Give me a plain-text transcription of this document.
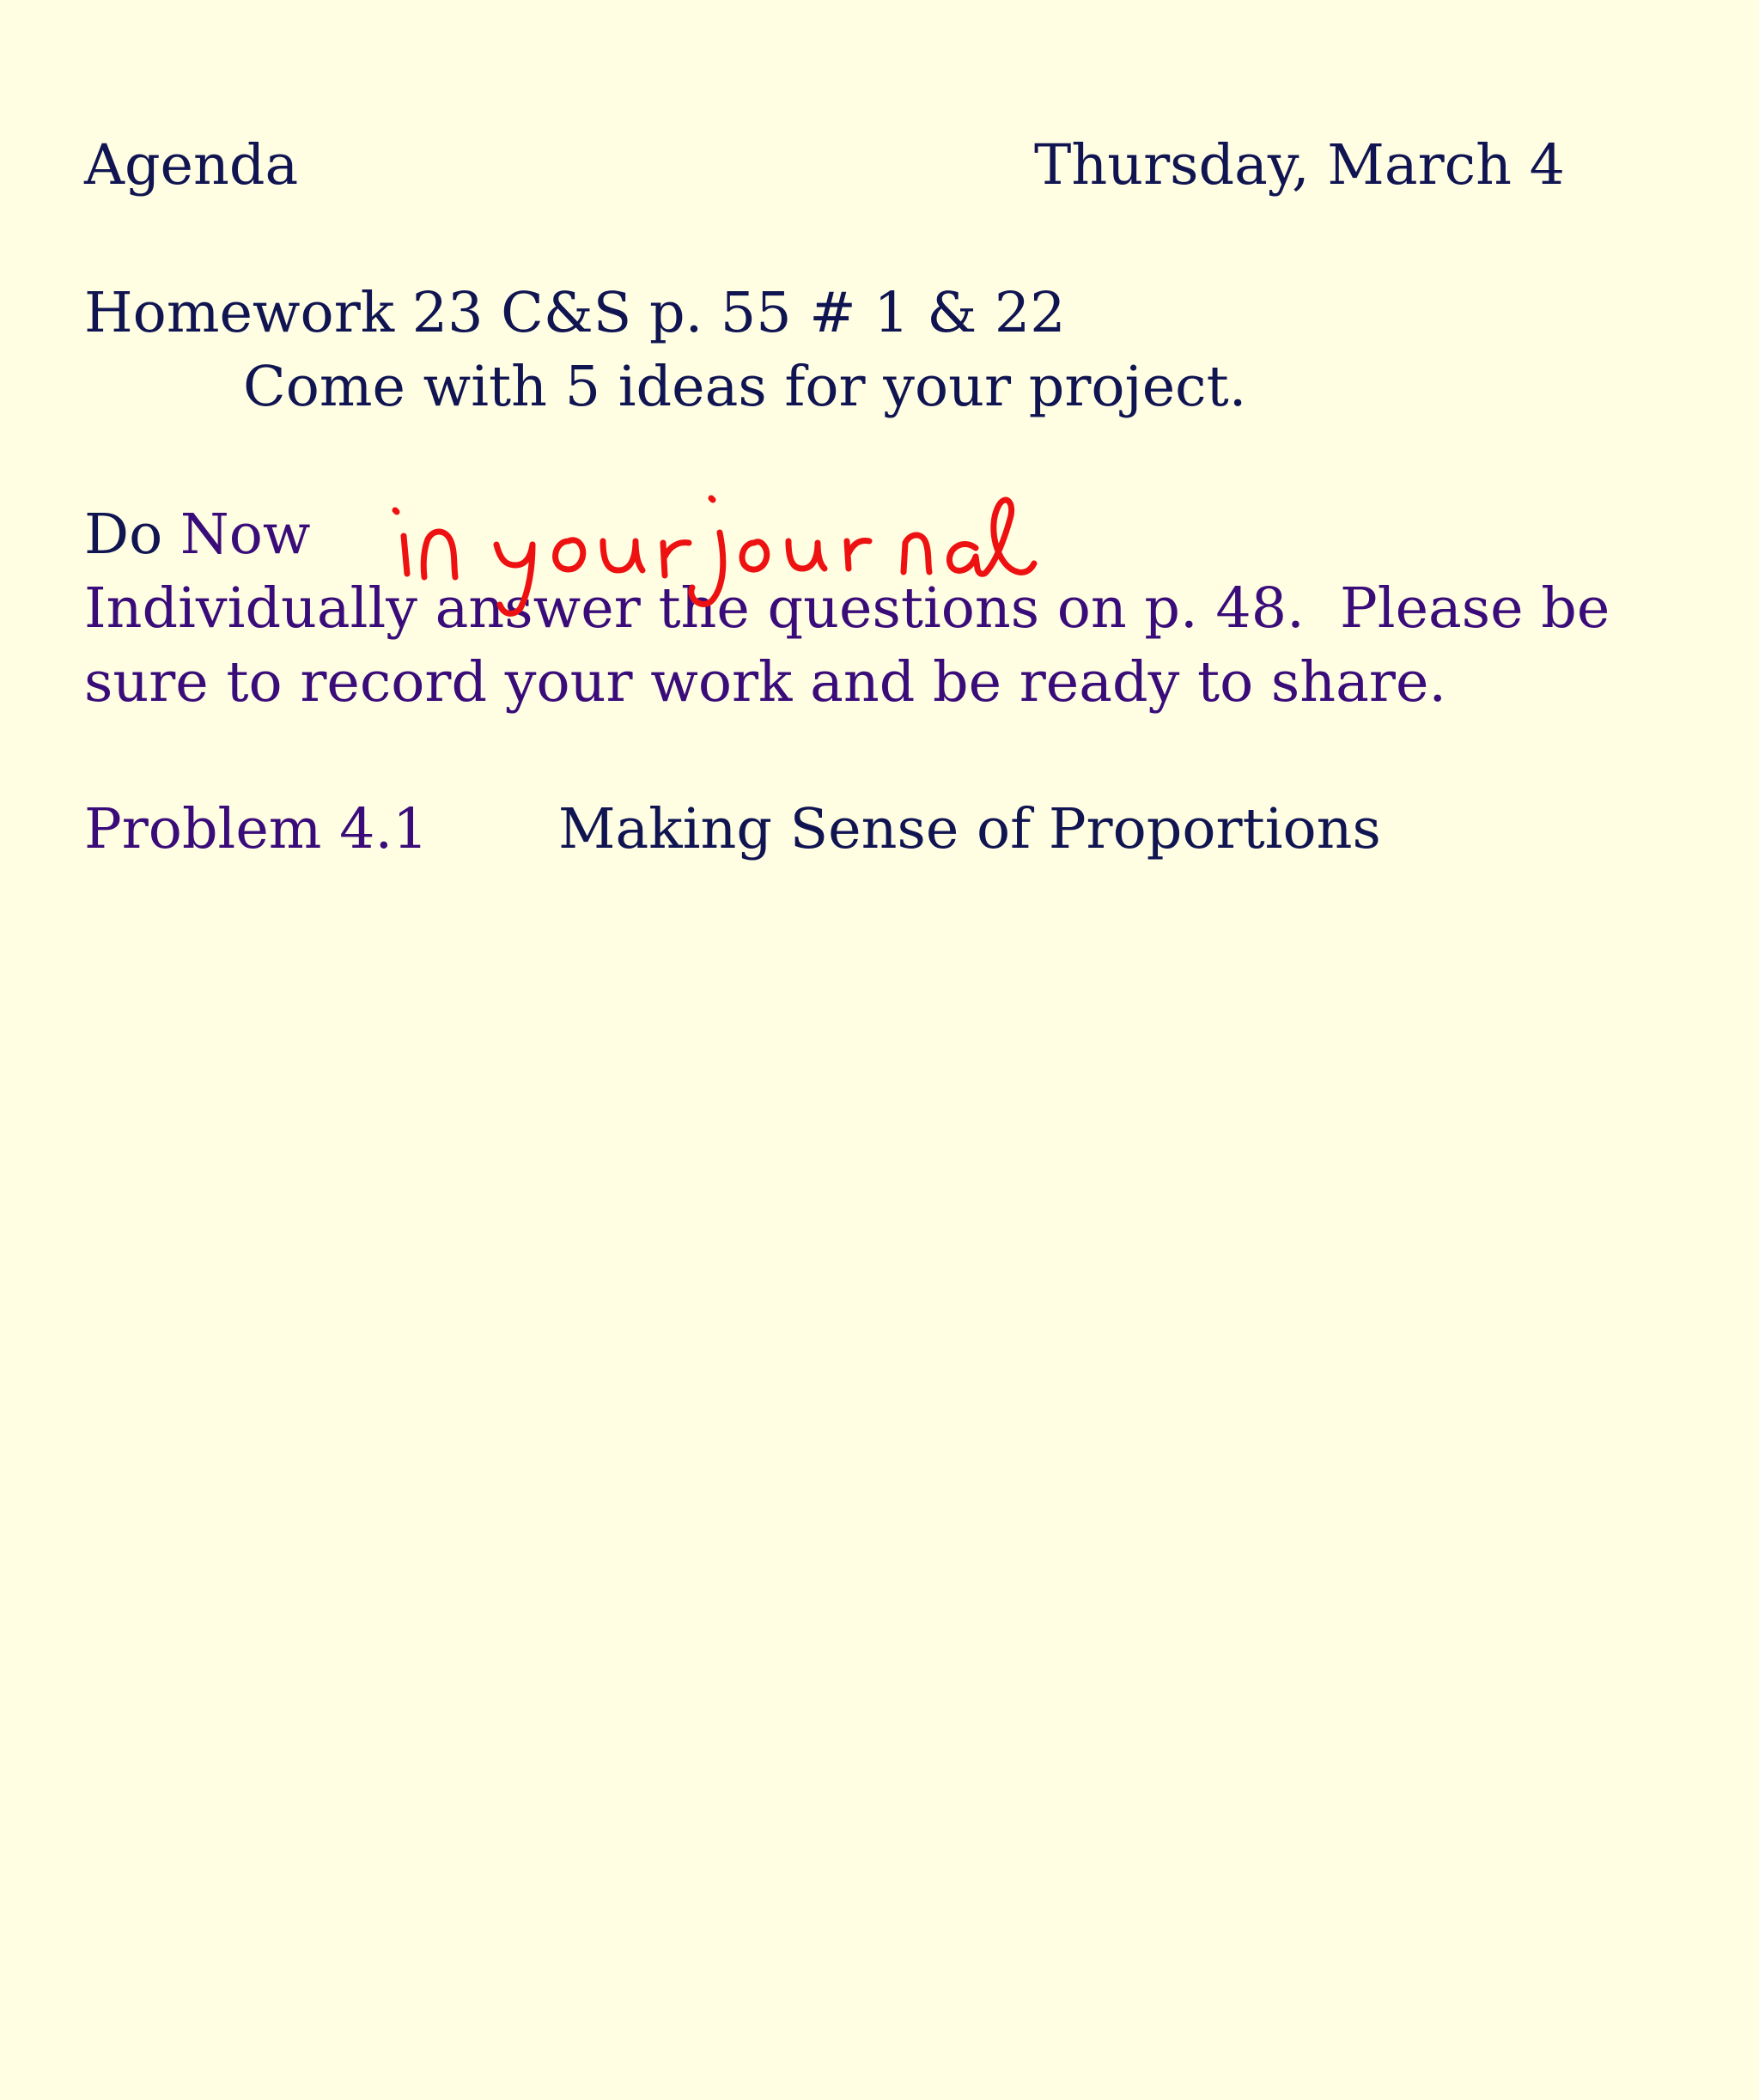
Agenda	Thursday, March 4
Homework 23 C&S p. 55 # 1 & 22
Come with 5 ideas for your project.
Do Now
Individually answer the questions on p. 48.  Please be
sure to record your work and be ready to share.
Problem 4.1 Making Sense of Proportions
